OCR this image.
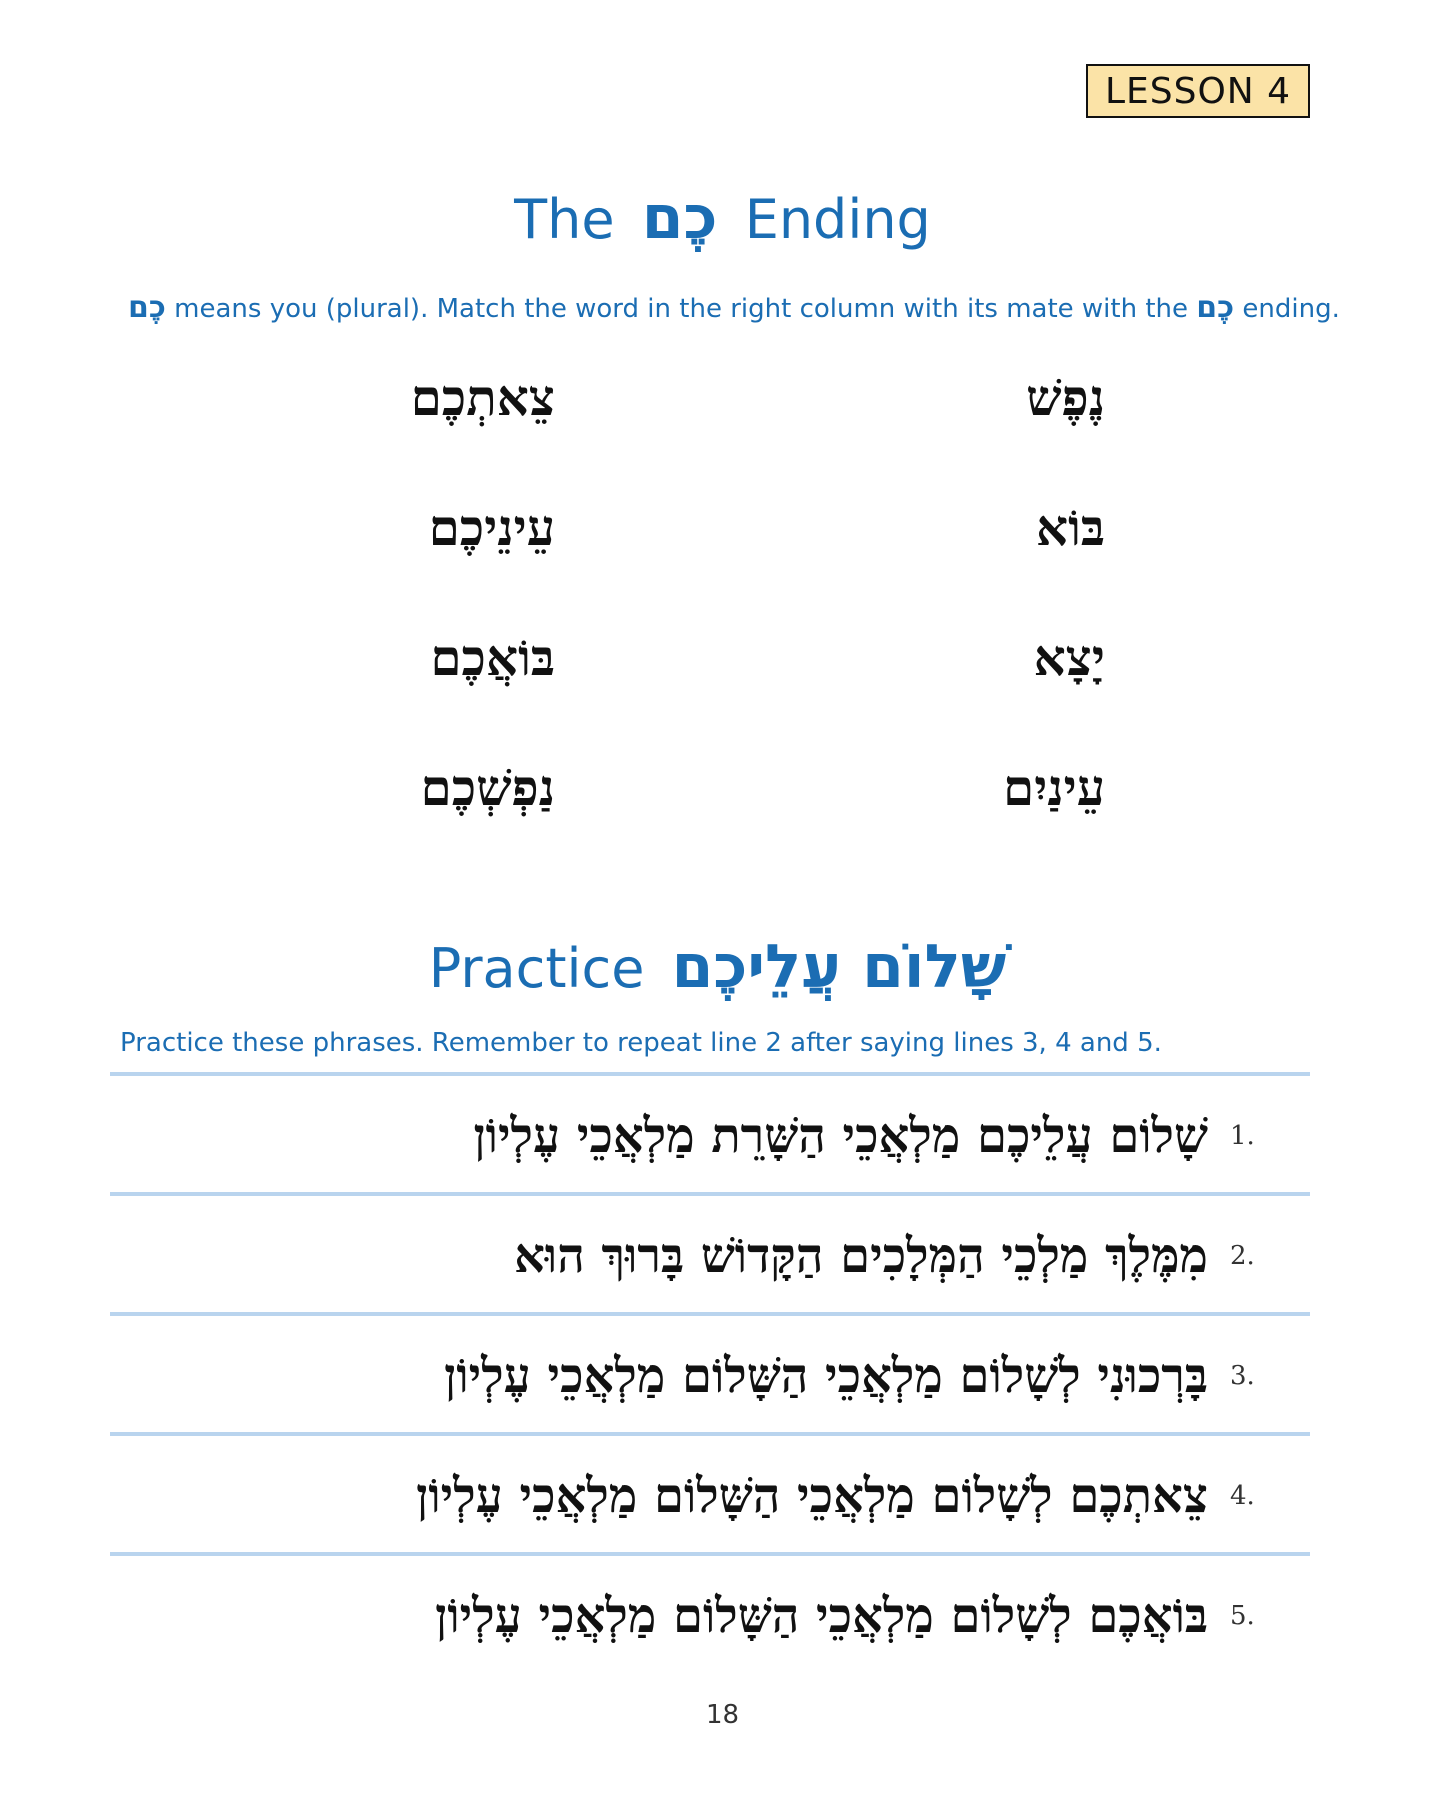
LESSON 4
The כֶם Ending
כֶם means you (plural). Match the word in the right column with its mate with the כֶם ending.
נֶפֶשׁ
בּוֹא
יָצָא
עֵינַיִם
צֵאתְכֶם
עֵינֵיכֶם
בּוֹאֲכֶם
נַפְשְׁכֶם
Practice שָׁלוֹם עֲלֵיכֶם
Practice these phrases. Remember to repeat line 2 after saying lines 3, 4 and 5.
שָׁלוֹם עֲלֵיכֶם מַלְאֲכֵי הַשָּׁרֵת מַלְאֲכֵי עֶלְיוֹן 1.
מִמֶּלֶךְ מַלְכֵי הַמְּלָכִים הַקָּדוֹשׁ בָּרוּךְ הוּא 2.
בָּרְכוּנִי לְשָׁלוֹם מַלְאֲכֵי הַשָּׁלוֹם מַלְאֲכֵי עֶלְיוֹן 3.
צֵאתְכֶם לְשָׁלוֹם מַלְאֲכֵי הַשָּׁלוֹם מַלְאֲכֵי עֶלְיוֹן 4.
בּוֹאֲכֶם לְשָׁלוֹם מַלְאֲכֵי הַשָּׁלוֹם מַלְאֲכֵי עֶלְיוֹן 5.
18
